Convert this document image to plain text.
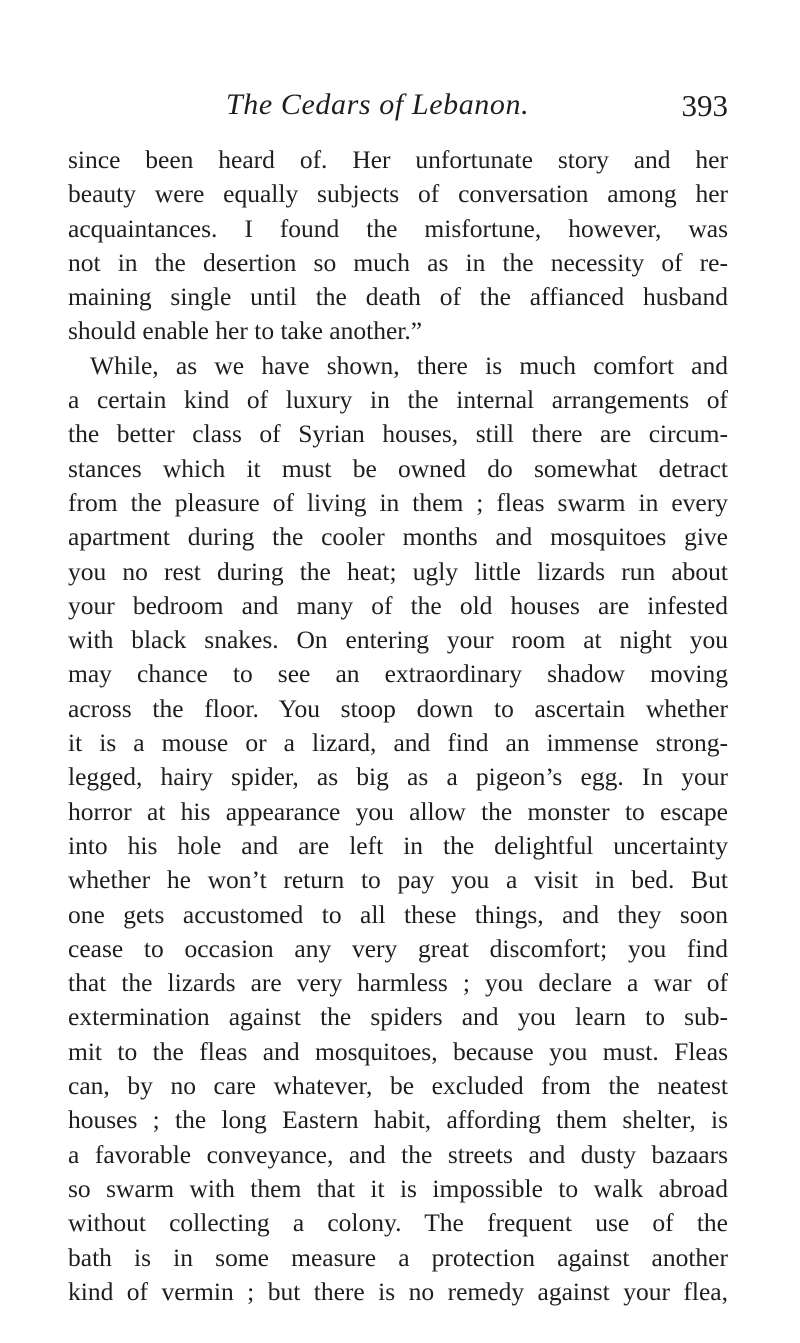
The Cedars of Lebanon.	393
since been heard of. Her unfortunate story and her
beauty were equally subjects of conversation among her
acquaintances. I found the misfortune, however, was
not in the desertion so much as in the necessity of re-
maining single until the death of the affianced husband
should enable her to take another.”
While, as we have shown, there is much comfort and
a certain kind of luxury in the internal arrangements of
the better class of Syrian houses, still there are circum-
stances which it must be owned do somewhat detract
from the pleasure of living in them ; fleas swarm in every
apartment during the cooler months and mosquitoes give
you no rest during the heat; ugly little lizards run about
your bedroom and many of the old houses are infested
with black snakes. On entering your room at night you
may chance to see an extraordinary shadow moving
across the floor. You stoop down to ascertain whether
it is a mouse or a lizard, and find an immense strong-
legged, hairy spider, as big as a pigeon’s egg. In your
horror at his appearance you allow the monster to escape
into his hole and are left in the delightful uncertainty
whether he won’t return to pay you a visit in bed. But
one gets accustomed to all these things, and they soon
cease to occasion any very great discomfort; you find
that the lizards are very harmless ; you declare a war of
extermination against the spiders and you learn to sub-
mit to the fleas and mosquitoes, because you must. Fleas
can, by no care whatever, be excluded from the neatest
houses ; the long Eastern habit, affording them shelter, is
a favorable conveyance, and the streets and dusty bazaars
so swarm with them that it is impossible to walk abroad
without collecting a colony. The frequent use of the
bath is in some measure a protection against another
kind of vermin ; but there is no remedy against your flea,
